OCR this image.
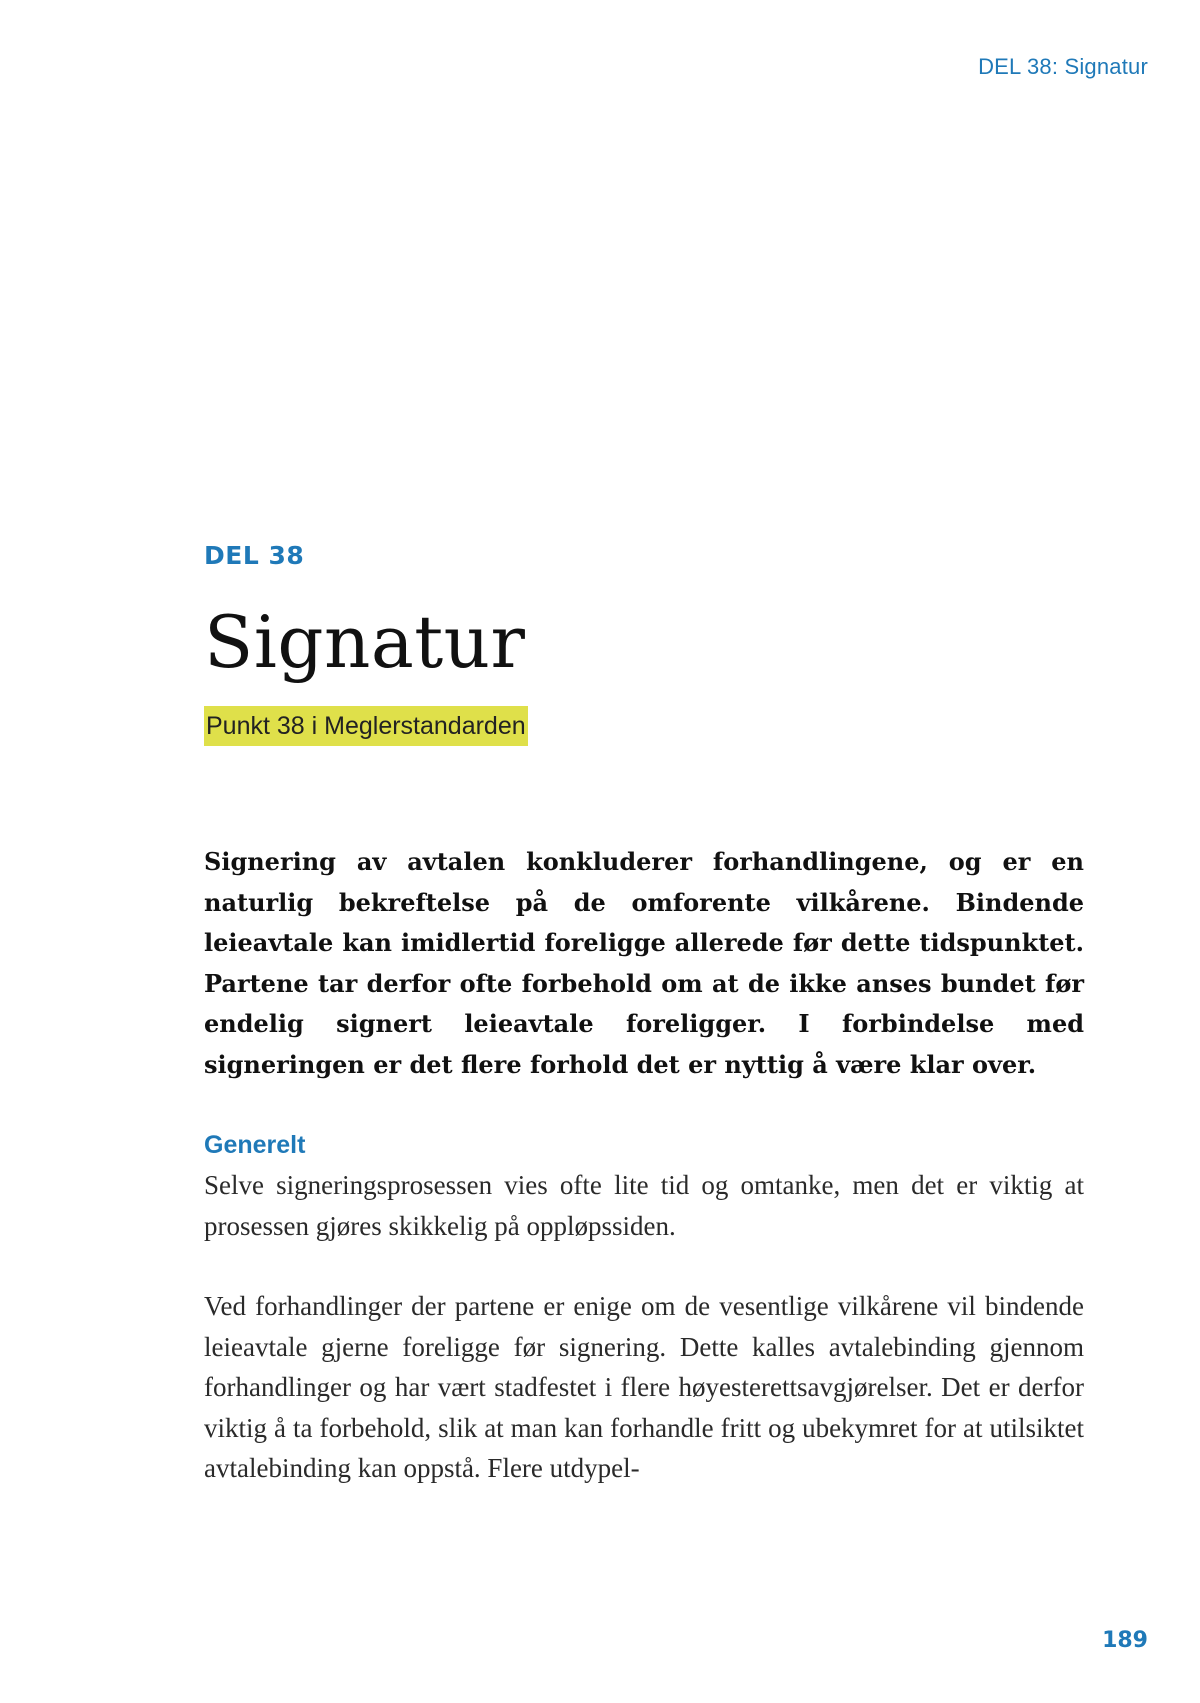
DEL 38: Signatur
DEL 38
Signatur
Punkt 38 i Meglerstandarden

Signering av avtalen konkluderer forhandlingene, og er en naturlig bekreftelse på de omforente vilkårene. Bindende leieavtale kan imidlertid foreligge allerede før dette tidspunktet. Partene tar derfor ofte forbehold om at de ikke anses bundet før endelig signert leieavtale foreligger. I forbindelse med signeringen er det flere forhold det er nyttig å være klar over.

Generelt

Selve signeringsprosessen vies ofte lite tid og omtanke, men det er viktig at prosessen gjøres skikkelig på oppløpssiden.

Ved forhandlinger der partene er enige om de vesentlige vilkårene vil bindende leieavtale gjerne foreligge før signering. Dette kalles avtalebinding gjennom forhandlinger og har vært stadfestet i flere høyesterettsavgjørelser. Det er derfor viktig å ta forbehold, slik at man kan forhandle fritt og ubekymret for at utilsiktet avtalebinding kan oppstå. Flere utdypel-

189
